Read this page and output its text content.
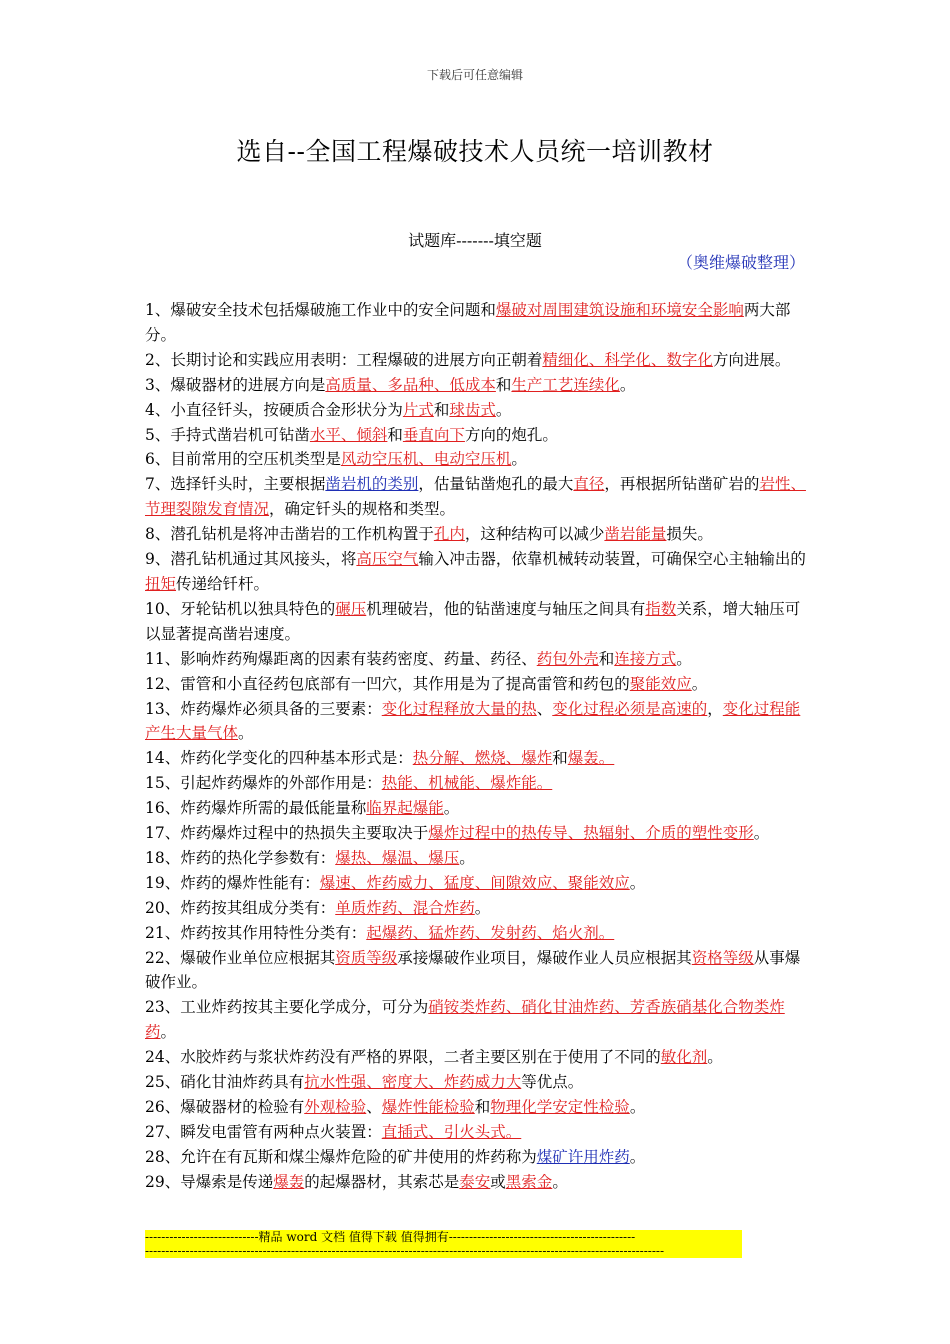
下载后可任意编辑
选自--全国工程爆破技术人员统一培训教材
试题库-------填空题
（奥维爆破整理）

1、爆破安全技术包括爆破施工作业中的安全问题和爆破对周围建筑设施和环境安全影响两大部分。

2、长期讨论和实践应用表明：工程爆破的进展方向正朝着精细化、科学化、数字化方向进展。

3、爆破器材的进展方向是高质量、多品种、低成本和生产工艺连续化。

4、小直径钎头，按硬质合金形状分为片式和球齿式。

5、手持式凿岩机可钻凿水平、倾斜和垂直向下方向的炮孔。

6、目前常用的空压机类型是风动空压机、电动空压机。

7、选择钎头时，主要根据凿岩机的类别，估量钻凿炮孔的最大直径，再根据所钻凿矿岩的岩性、节理裂隙发育情况，确定钎头的规格和类型。

8、潜孔钻机是将冲击凿岩的工作机构置于孔内，这种结构可以减少凿岩能量损失。

9、潜孔钻机通过其风接头，将高压空气输入冲击器，依靠机械转动装置，可确保空心主轴输出的扭矩传递给钎杆。

10、牙轮钻机以独具特色的碾压机理破岩，他的钻凿速度与轴压之间具有指数关系，增大轴压可以显著提高凿岩速度。

11、影响炸药殉爆距离的因素有装药密度、药量、药径、药包外壳和连接方式。

12、雷管和小直径药包底部有一凹穴，其作用是为了提高雷管和药包的聚能效应。

13、炸药爆炸必须具备的三要素：变化过程释放大量的热、变化过程必须是高速的，变化过程能产生大量气体。

14、炸药化学变化的四种基本形式是：热分解、燃烧、爆炸和爆轰。

15、引起炸药爆炸的外部作用是：热能、机械能、爆炸能。

16、炸药爆炸所需的最低能量称临界起爆能。

17、炸药爆炸过程中的热损失主要取决于爆炸过程中的热传导、热辐射、介质的塑性变形。

18、炸药的热化学参数有：爆热、爆温、爆压。

19、炸药的爆炸性能有：爆速、炸药威力、猛度、间隙效应、聚能效应。

20、炸药按其组成分类有：单质炸药、混合炸药。

21、炸药按其作用特性分类有：起爆药、猛炸药、发射药、焰火剂。

22、爆破作业单位应根据其资质等级承接爆破作业项目，爆破作业人员应根据其资格等级从事爆破作业。

23、工业炸药按其主要化学成分，可分为硝铵类炸药、硝化甘油炸药、芳香族硝基化合物类炸药。

24、水胶炸药与浆状炸药没有严格的界限，二者主要区别在于使用了不同的敏化剂。

25、硝化甘油炸药具有抗水性强、密度大、炸药威力大等优点。

26、爆破器材的检验有外观检验、爆炸性能检验和物理化学安定性检验。

27、瞬发电雷管有两种点火装置：直插式、引火头式。

28、允许在有瓦斯和煤尘爆炸危险的矿井使用的炸药称为煤矿许用炸药。

29、导爆索是传递爆轰的起爆器材，其索芯是泰安或黑索金。

----------------------------精品 word 文档 值得下载 值得拥有----------------------------------------------
--------------------------------------------------------------------------------------------------------------------------------
